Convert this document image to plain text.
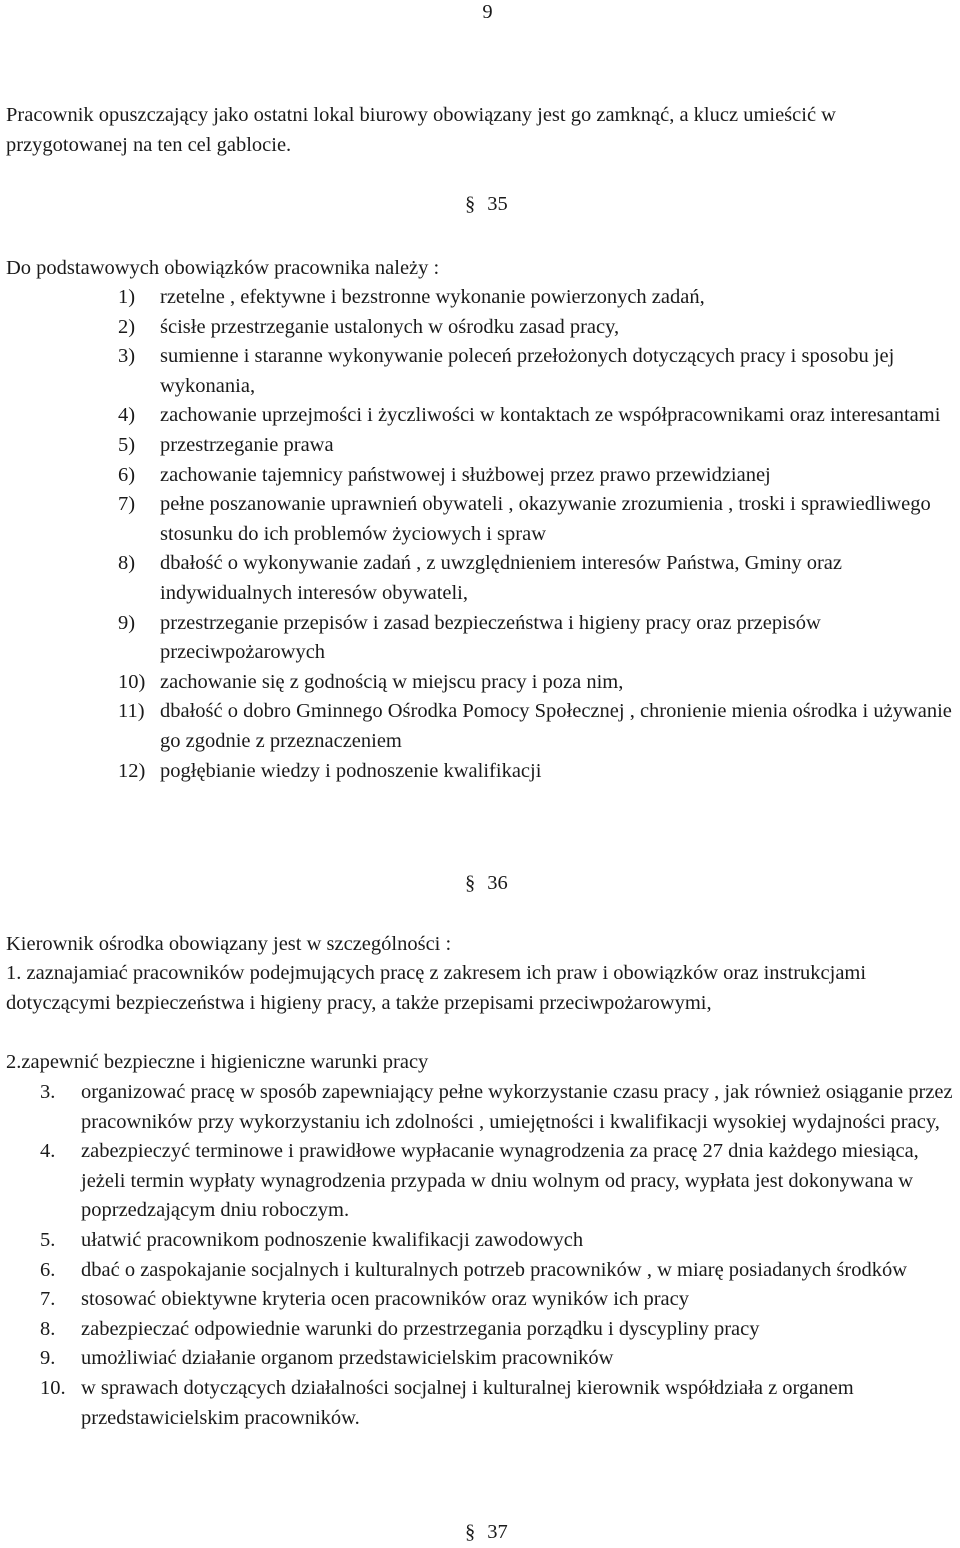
9
Pracownik opuszczający jako ostatni lokal biurowy obowiązany jest go zamknąć, a klucz umieścić w przygotowanej na ten cel gablocie.
§ 35
Do podstawowych obowiązków pracownika należy :
1)	rzetelne , efektywne i bezstronne wykonanie powierzonych zadań,
2)	ścisłe przestrzeganie ustalonych w ośrodku zasad pracy,
3)	sumienne i staranne wykonywanie poleceń przełożonych dotyczących pracy i sposobu jej wykonania,
4)	zachowanie uprzejmości i życzliwości w kontaktach ze współpracownikami oraz interesantami
5)	przestrzeganie prawa
6)	zachowanie tajemnicy państwowej i służbowej przez prawo przewidzianej
7)	pełne poszanowanie uprawnień obywateli , okazywanie zrozumienia , troski i sprawiedliwego stosunku do ich problemów życiowych i spraw
8)	dbałość o wykonywanie zadań , z uwzględnieniem interesów Państwa, Gminy oraz indywidualnych interesów obywateli,
9)	przestrzeganie przepisów i zasad bezpieczeństwa i higieny pracy oraz przepisów przeciwpożarowych
10) zachowanie się z godnością w miejscu pracy i poza nim,
11) dbałość o dobro Gminnego Ośrodka Pomocy Społecznej , chronienie mienia ośrodka i używanie go zgodnie z przeznaczeniem
12) pogłębianie wiedzy i podnoszenie kwalifikacji
§ 36
Kierownik ośrodka obowiązany jest w szczególności :
1. zaznajamiać pracowników podejmujących pracę z zakresem ich praw i obowiązków oraz instrukcjami dotyczącymi bezpieczeństwa i higieny pracy, a także przepisami przeciwpożarowymi,
2.zapewnić bezpieczne i higieniczne warunki pracy
3.	organizować pracę w sposób zapewniający pełne wykorzystanie czasu pracy , jak również osiąganie przez pracowników przy wykorzystaniu ich zdolności , umiejętności i kwalifikacji wysokiej wydajności pracy,
4.	zabezpieczyć terminowe i prawidłowe wypłacanie wynagrodzenia za pracę 27 dnia każdego miesiąca, jeżeli termin wypłaty wynagrodzenia przypada w dniu wolnym od pracy, wypłata jest dokonywana w poprzedzającym dniu roboczym.
5.	ułatwić pracownikom podnoszenie kwalifikacji zawodowych
6.	dbać o zaspokajanie socjalnych i kulturalnych potrzeb pracowników , w miarę posiadanych środków
7.	stosować obiektywne kryteria ocen pracowników oraz wyników ich pracy
8.	zabezpieczać odpowiednie warunki do przestrzegania porządku i dyscypliny pracy
9.	umożliwiać działanie organom przedstawicielskim pracowników
10. w sprawach dotyczących działalności socjalnej i kulturalnej kierownik współdziała z organem przedstawicielskim pracowników.
§ 37
